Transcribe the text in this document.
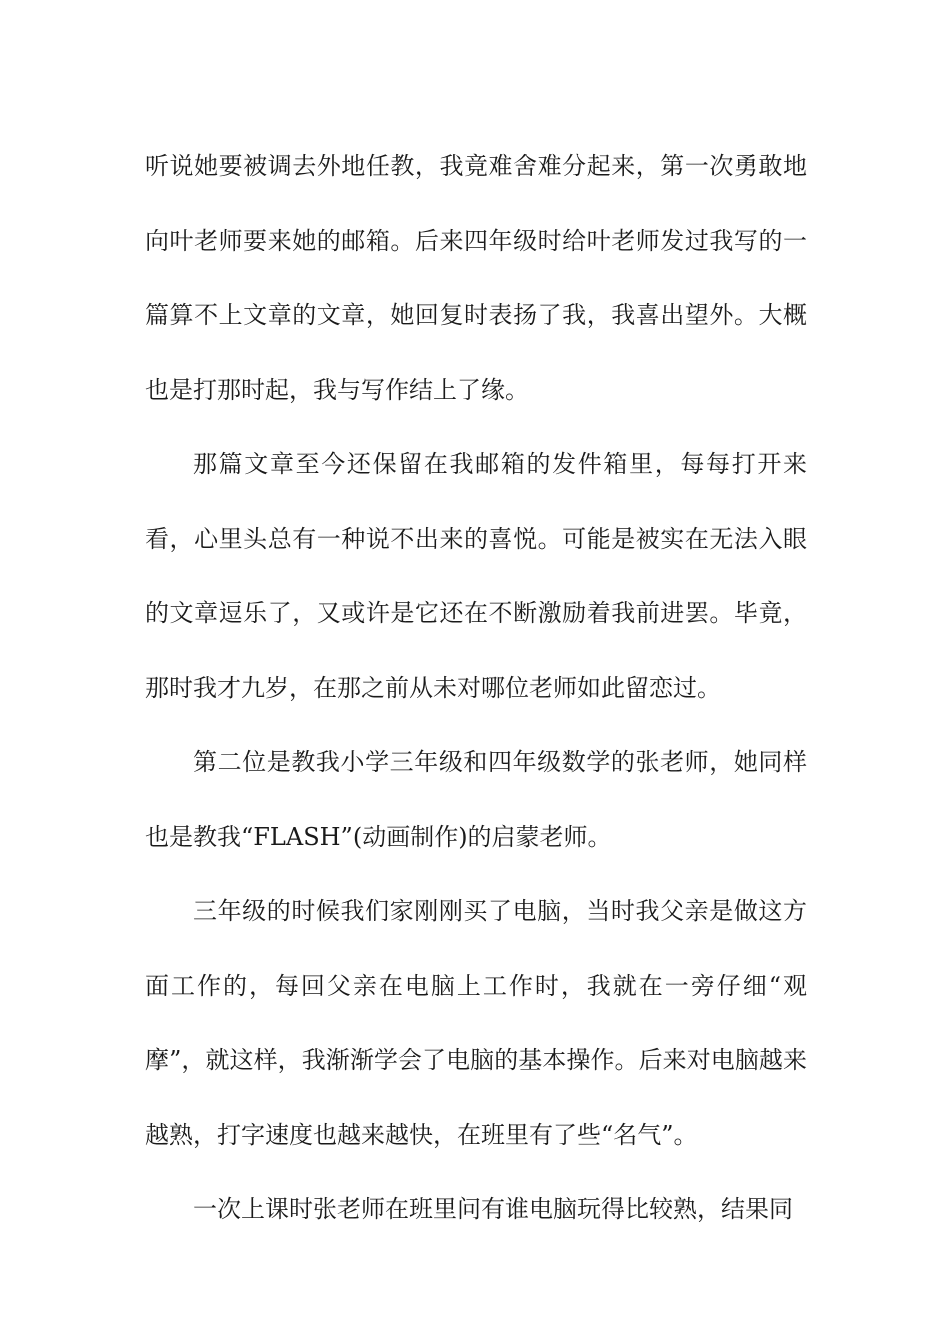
听说她要被调去外地任教，我竟难舍难分起来，第一次勇敢地向叶老师要来她的邮箱。后来四年级时给叶老师发过我写的一篇算不上文章的文章，她回复时表扬了我，我喜出望外。大概也是打那时起，我与写作结上了缘。

那篇文章至今还保留在我邮箱的发件箱里，每每打开来看，心里头总有一种说不出来的喜悦。可能是被实在无法入眼的文章逗乐了，又或许是它还在不断激励着我前进罢。毕竟，那时我才九岁，在那之前从未对哪位老师如此留恋过。

第二位是教我小学三年级和四年级数学的张老师，她同样也是教我“FLASH”(动画制作)的启蒙老师。

三年级的时候我们家刚刚买了电脑，当时我父亲是做这方面工作的，每回父亲在电脑上工作时，我就在一旁仔细“观摩”，就这样，我渐渐学会了电脑的基本操作。后来对电脑越来越熟，打字速度也越来越快，在班里有了些“名气”。

一次上课时张老师在班里问有谁电脑玩得比较熟，结果同
